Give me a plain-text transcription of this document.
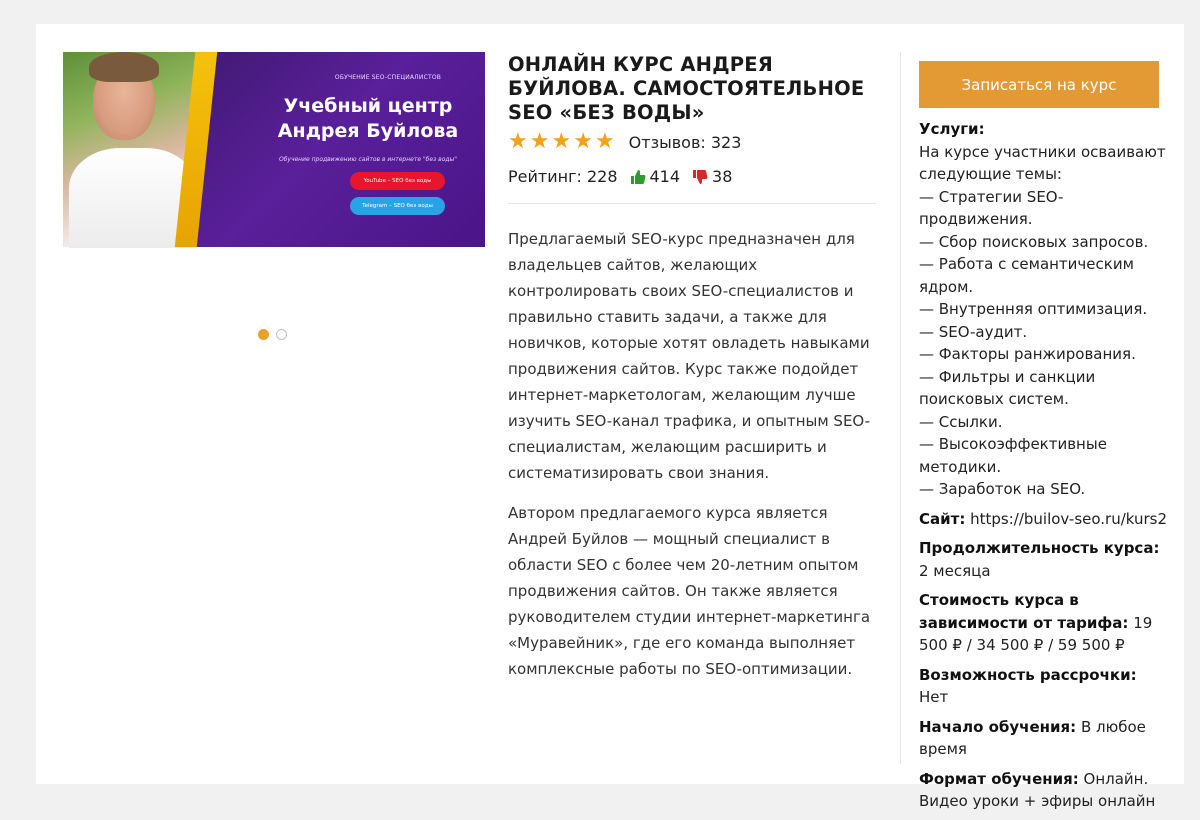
ОБУЧЕНИЕ SEO-СПЕЦИАЛИСТОВ
Учебный центр
Андрея Буйлова
Обучение продвижению сайтов в интернете "без воды"
YouTube – SEO без воды
Telegram – SEO без воды
ОНЛАЙН КУРС АНДРЕЯ БУЙЛОВА. САМОСТОЯТЕЛЬНОЕ SEO «БЕЗ ВОДЫ»
★ ★ ★ ★ ★ Отзывов: 323
Рейтинг: 228 414 38

Предлагаемый SEO-курс предназначен для владельцев сайтов, желающих контролировать своих SEO-специалистов и правильно ставить задачи, а также для новичков, которые хотят овладеть навыками продвижения сайтов. Курс также подойдет интернет-маркетологам, желающим лучше изучить SEO-канал трафика, и опытным SEO-специалистам, желающим расширить и систематизировать свои знания.

Автором предлагаемого курса является Андрей Буйлов — мощный специалист в области SEO с более чем 20-летним опытом продвижения сайтов. Он также является руководителем студии интернет-маркетинга «Муравейник», где его команда выполняет комплексные работы по SEO-оптимизации.

Записаться на курс
Услуги:
На курсе участники осваивают следующие темы:
— Стратегии SEO-продвижения.
— Сбор поисковых запросов.
— Работа с семантическим ядром.
— Внутренняя оптимизация.
— SEO-аудит.
— Факторы ранжирования.
— Фильтры и санкции поисковых систем.
— Ссылки.
— Высокоэффективные методики.
— Заработок на SEO.
Сайт: https://builov-seo.ru/kurs2
Продолжительность курса: 2 месяца
Стоимость курса в зависимости от тарифа: 19 500 ₽ / 34 500 ₽ / 59 500 ₽
Возможность рассрочки: Нет
Начало обучения: В любое время
Формат обучения: Онлайн. Видео уроки + эфиры онлайн
